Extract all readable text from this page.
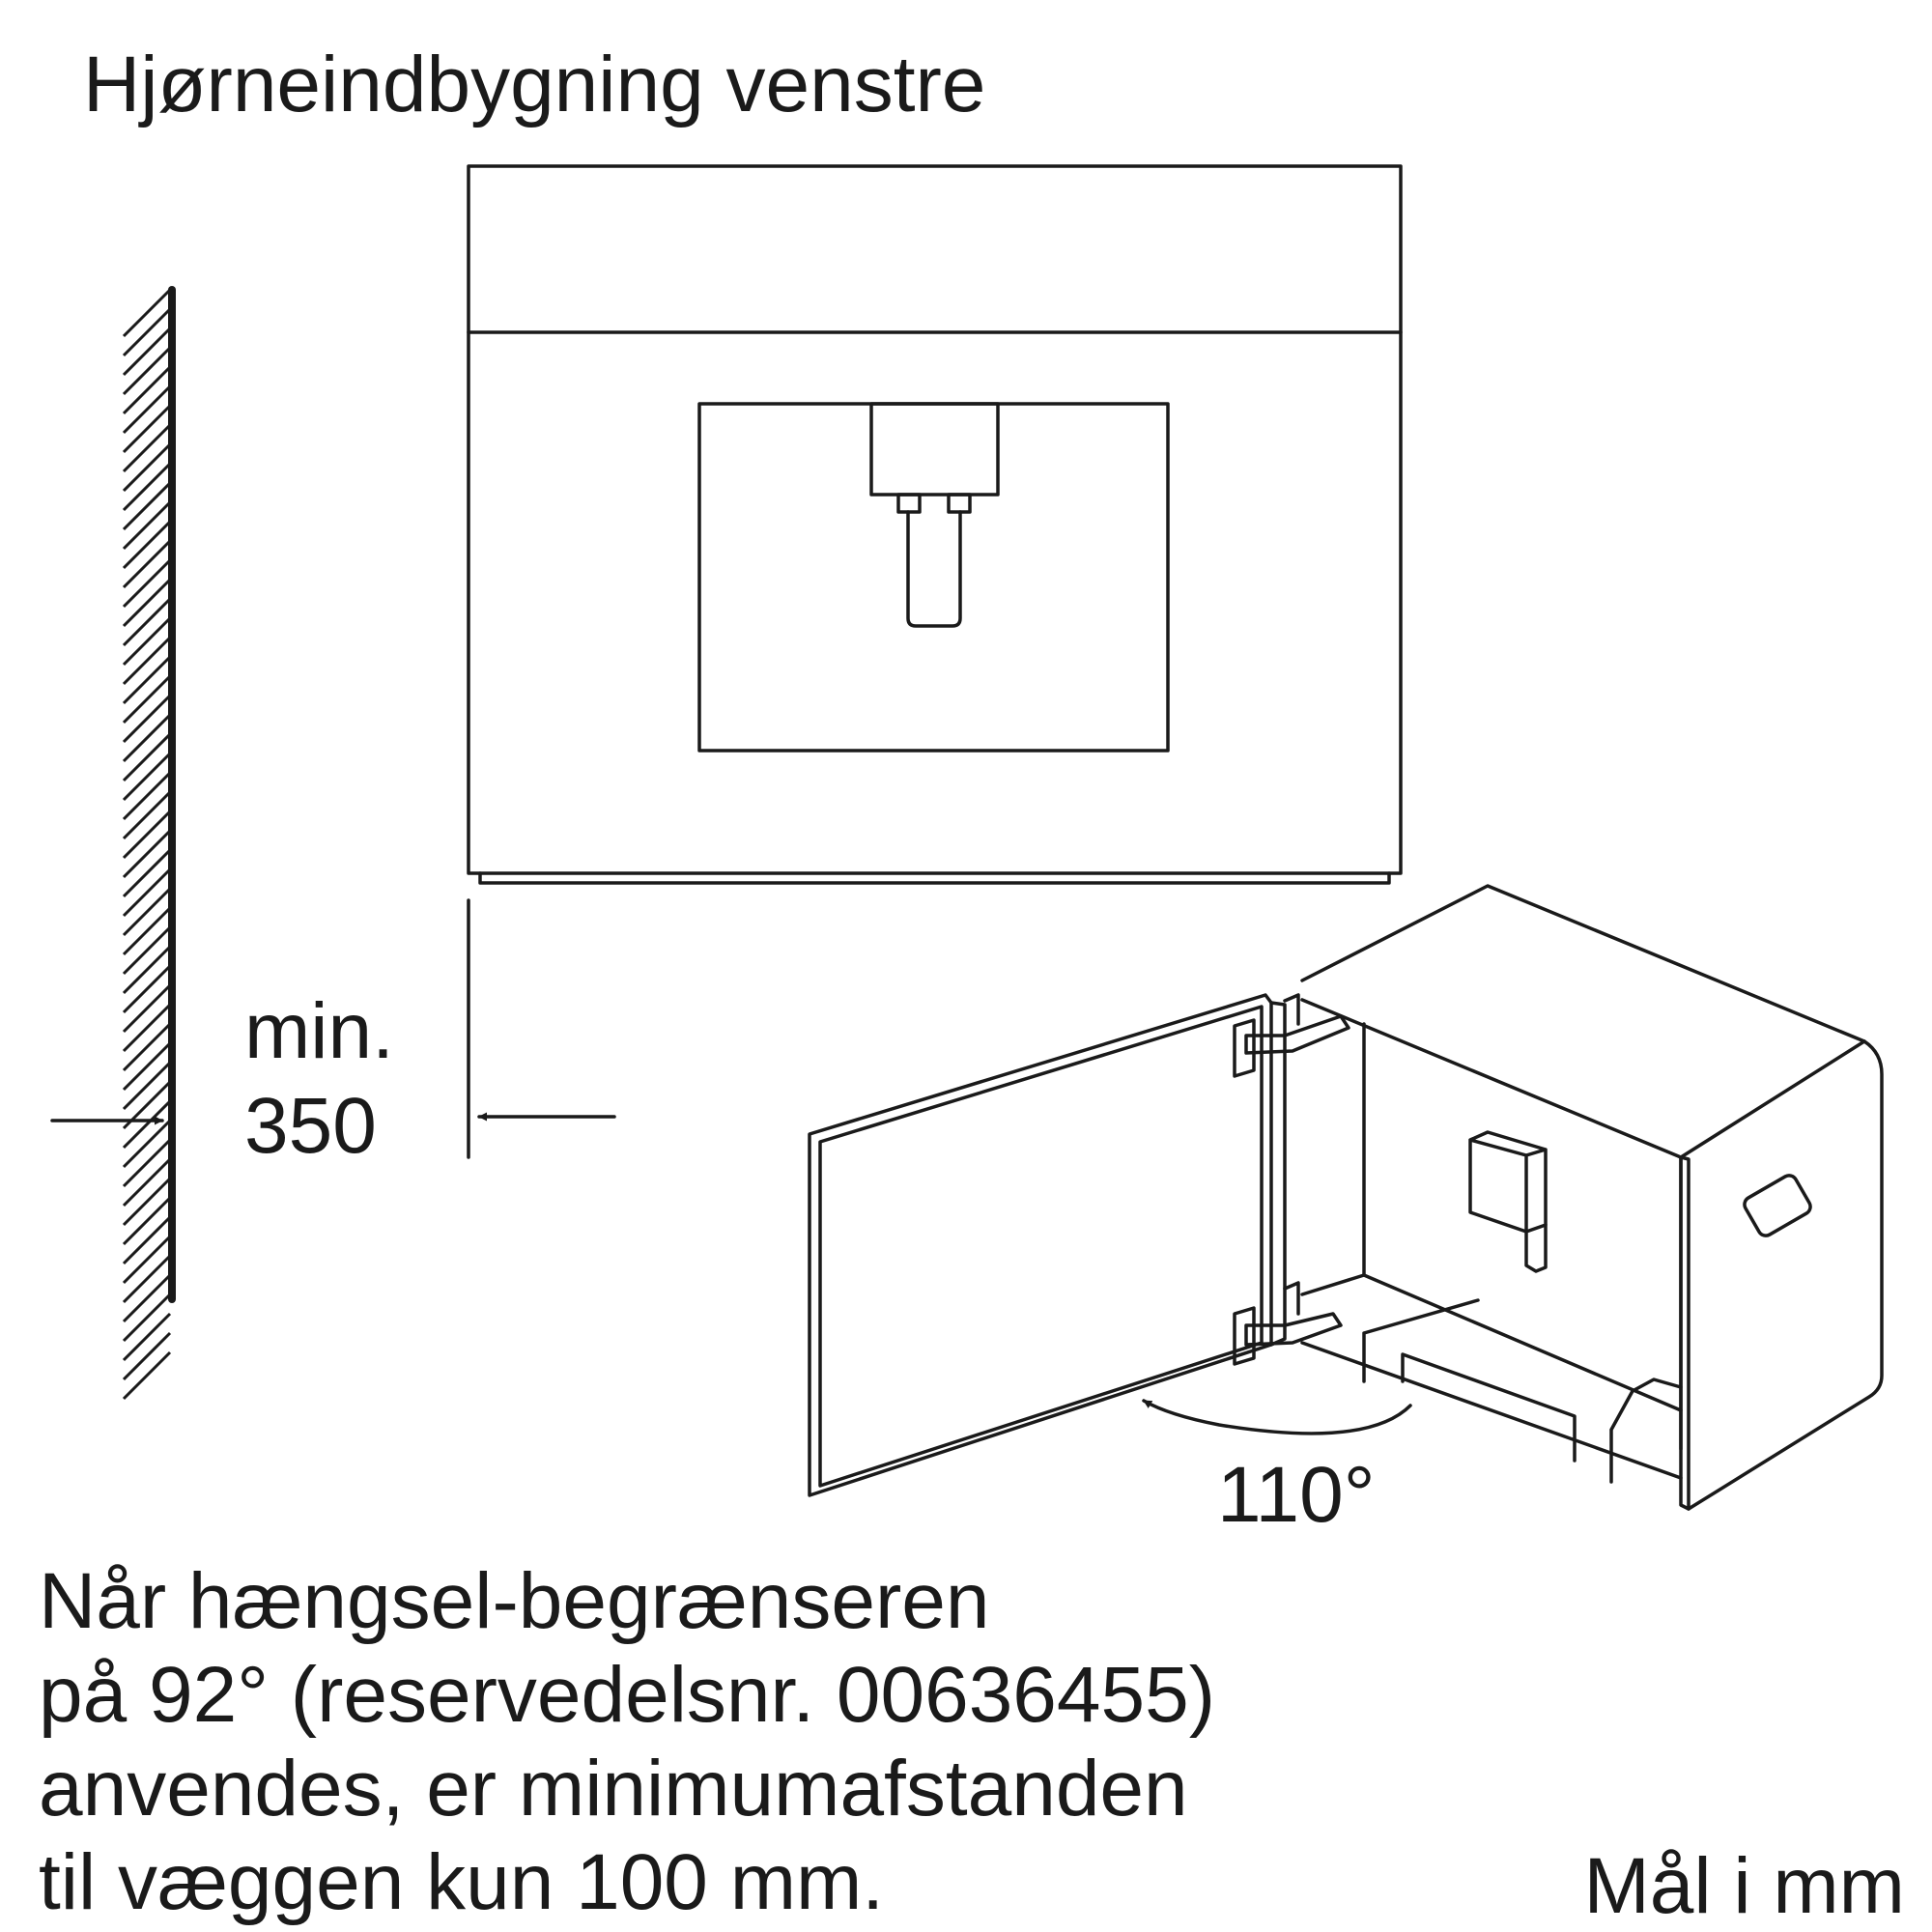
Hjørneindbygning venstre
min.
350
110°
Når hængsel-begrænseren
på 92° (reservedelsnr. 00636455)
anvendes, er minimumafstanden
til væggen kun 100 mm.	Mål i mm
